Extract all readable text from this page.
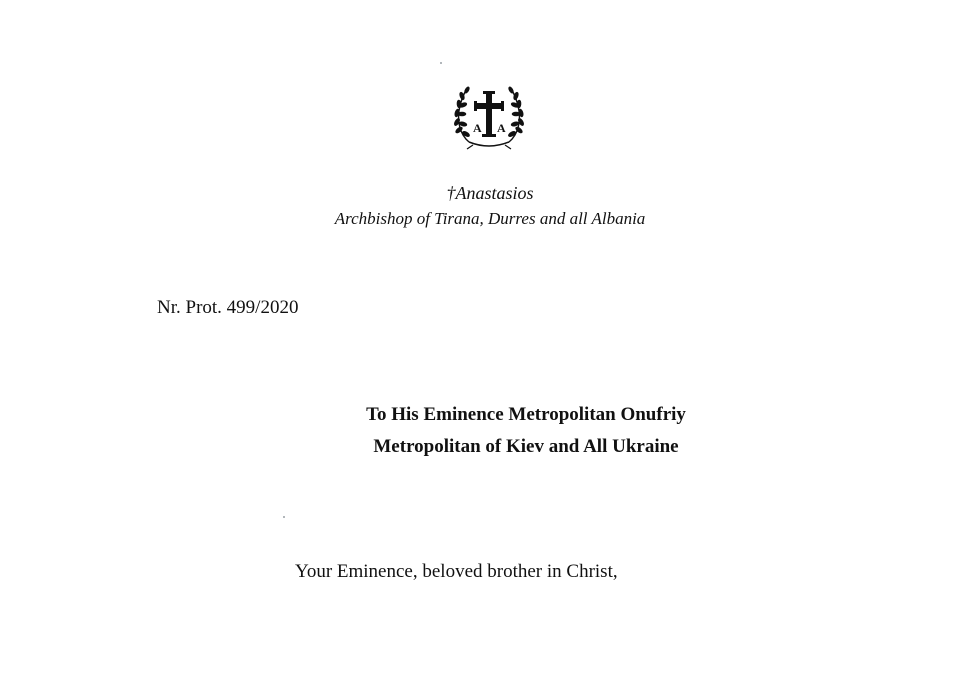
A A
†Anastasios
Archbishop of Tirana, Durres and all Albania
Nr. Prot. 499/2020
To His Eminence Metropolitan Onufriy
Metropolitan of Kiev and All Ukraine
Your Eminence, beloved brother in Christ,
